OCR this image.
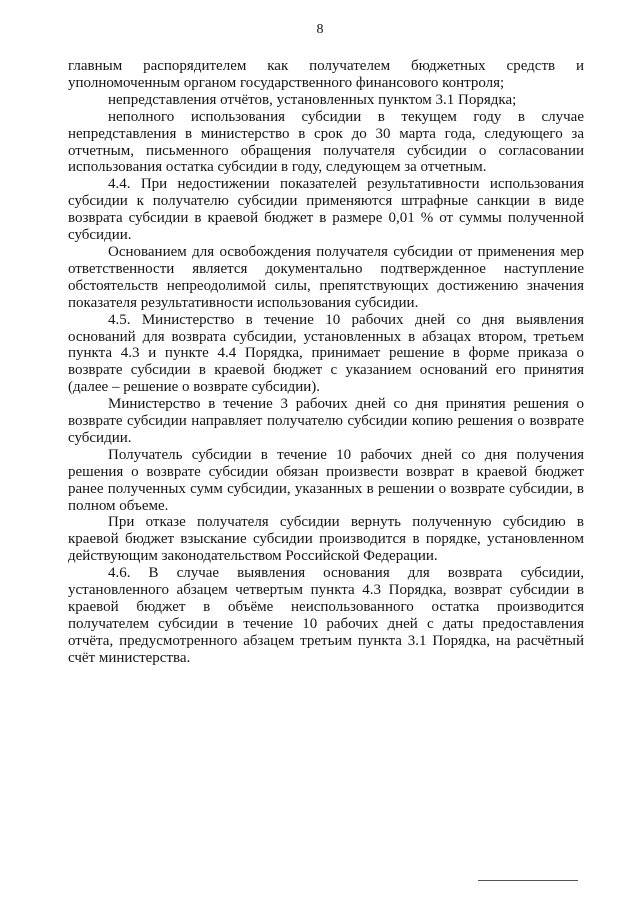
8

главным распорядителем как получателем бюджетных средств и уполномоченным органом государственного финансового контроля;

непредставления отчётов, установленных пунктом 3.1 Порядка;

неполного использования субсидии в текущем году в случае непредставления в министерство в срок до 30 марта года, следующего за отчетным, письменного обращения получателя субсидии о согласовании использования остатка субсидии в году, следующем за отчетным.

4.4. При недостижении показателей результативности использования субсидии к получателю субсидии применяются штрафные санкции в виде возврата субсидии в краевой бюджет в размере 0,01 % от суммы полученной субсидии.

Основанием для освобождения получателя субсидии от применения мер ответственности является документально подтвержденное наступление обстоятельств непреодолимой силы, препятствующих достижению значения показателя результативности использования субсидии.

4.5. Министерство в течение 10 рабочих дней со дня выявления оснований для возврата субсидии, установленных в абзацах втором, третьем пункта 4.3 и пункте 4.4 Порядка, принимает решение в форме приказа о возврате субсидии в краевой бюджет с указанием оснований его принятия (далее – решение о возврате субсидии).

Министерство в течение 3 рабочих дней со дня принятия решения о возврате субсидии направляет получателю субсидии копию решения о возврате субсидии.

Получатель субсидии в течение 10 рабочих дней со дня получения решения о возврате субсидии обязан произвести возврат в краевой бюджет ранее полученных сумм субсидии, указанных в решении о возврате субсидии, в полном объеме.

При отказе получателя субсидии вернуть полученную субсидию в краевой бюджет взыскание субсидии производится в порядке, установленном действующим законодательством Российской Федерации.

4.6. В случае выявления основания для возврата субсидии, установленного абзацем четвертым пункта 4.3 Порядка, возврат субсидии в краевой бюджет в объёме неиспользованного остатка производится получателем субсидии в течение 10 рабочих дней с даты предоставления отчёта, предусмотренного абзацем третьим пункта 3.1 Порядка, на расчётный счёт министерства.
